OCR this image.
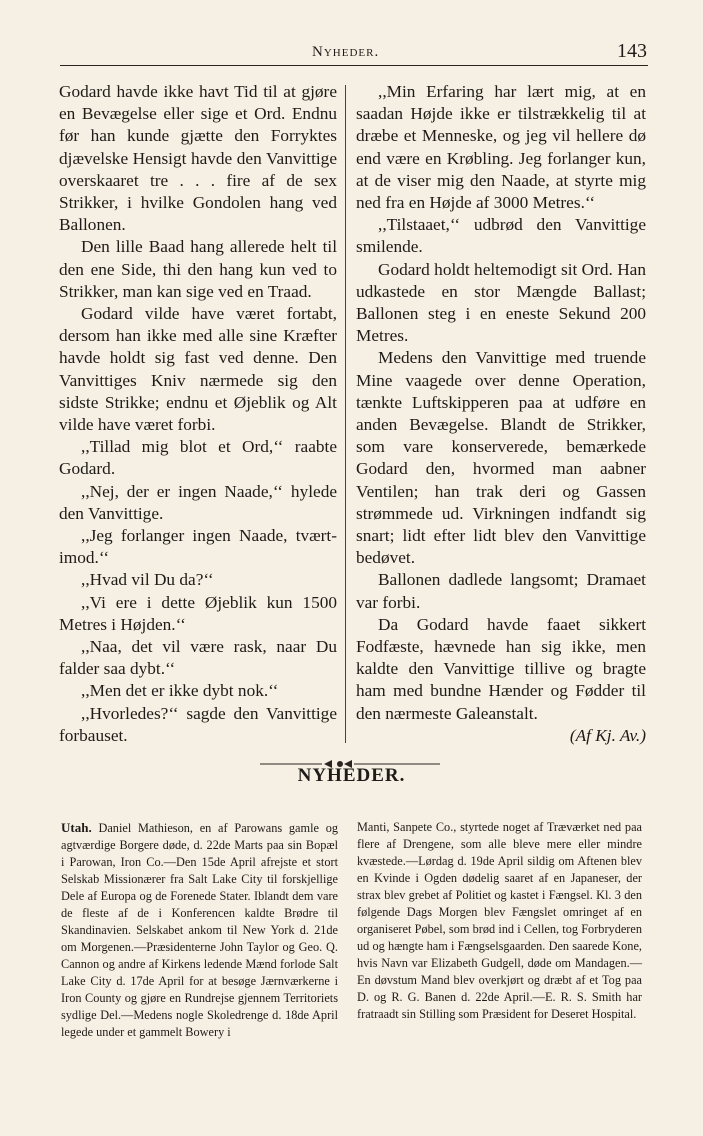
Nyheder.	143

Godard havde ikke havt Tid til at gjøre en Bevægelse eller sige et Ord. Endnu før han kunde gjætte den Forryktes djævelske Hensigt havde den Vanvittige overskaaret tre . . . fire af de sex Strikker, i hvilke Gondolen hang ved Ballonen.

Den lille Baad hang allerede helt til den ene Side, thi den hang kun ved to Strikker, man kan sige ved en Traad.

Godard vilde have været fortabt, dersom han ikke med alle sine Kræfter havde holdt sig fast ved denne. Den Vanvittiges Kniv nærmede sig den sidste Strikke; endnu et Øjeblik og Alt vilde have været forbi.

,,Tillad mig blot et Ord,‘‘ raabte Godard.

,,Nej, der er ingen Naade,‘‘ hylede den Vanvittige.

,,Jeg forlanger ingen Naade, tvært-imod.‘‘

,,Hvad vil Du da?‘‘

,,Vi ere i dette Øjeblik kun 1500 Metres i Højden.‘‘

,,Naa, det vil være rask, naar Du falder saa dybt.‘‘

,,Men det er ikke dybt nok.‘‘

,,Hvorledes?‘‘ sagde den Vanvittige forbauset.

,,Min Erfaring har lært mig, at en saadan Højde ikke er tilstrækkelig til at dræbe et Menneske, og jeg vil hellere dø end være en Krøbling. Jeg forlanger kun, at de viser mig den Naade, at styrte mig ned fra en Højde af 3000 Metres.‘‘

,,Tilstaaet,‘‘ udbrød den Vanvittige smilende.

Godard holdt heltemodigt sit Ord. Han udkastede en stor Mængde Ballast; Ballonen steg i en eneste Sekund 200 Metres.

Medens den Vanvittige med truende Mine vaagede over denne Operation, tænkte Luftskipperen paa at udføre en anden Bevægelse. Blandt de Strikker, som vare konserverede, bemærkede Godard den, hvormed man aabner Ventilen; han trak deri og Gassen strømmede ud. Virkningen indfandt sig snart; lidt efter lidt blev den Vanvittige bedøvet.

Ballonen dadlede langsomt; Dramaet var forbi.

Da Godard havde faaet sikkert Fodfæste, hævnede han sig ikke, men kaldte den Vanvittige tillive og bragte ham med bundne Hænder og Fødder til den nærmeste Galeanstalt.

(Af Kj. Av.)

NYHEDER.

Utah. Daniel Mathieson, en af Parowans gamle og agtværdige Borgere døde, d. 22de Marts paa sin Bopæl i Parowan, Iron Co.—Den 15de April afrejste et stort Selskab Missionærer fra Salt Lake City til forskjellige Dele af Europa og de Forenede Stater. Iblandt dem vare de fleste af de i Konferencen kaldte Brødre til Skandinavien. Selskabet ankom til New York d. 21de om Morgenen.—Præsidenterne John Taylor og Geo. Q. Cannon og andre af Kirkens ledende Mænd forlode Salt Lake City d. 17de April for at besøge Jærnværkerne i Iron County og gjøre en Rundrejse gjennem Territoriets sydlige Del.—Medens nogle Skoledrenge d. 18de April legede under et gammelt Bowery i

Manti, Sanpete Co., styrtede noget af Træværket ned paa flere af Drengene, som alle bleve mere eller mindre kvæstede.—Lørdag d. 19de April sildig om Aftenen blev en Kvinde i Ogden dødelig saaret af en Japaneser, der strax blev grebet af Politiet og kastet i Fængsel. Kl. 3 den følgende Dags Morgen blev Fængslet omringet af en organiseret Pøbel, som brød ind i Cellen, tog Forbryderen ud og hængte ham i Fængselsgaarden. Den saarede Kone, hvis Navn var Elizabeth Gudgell, døde om Mandagen.—En døvstum Mand blev overkjørt og dræbt af et Tog paa D. og R. G. Banen d. 22de April.—E. R. S. Smith har fratraadt sin Stilling som Præsident for Deseret Hospital.
